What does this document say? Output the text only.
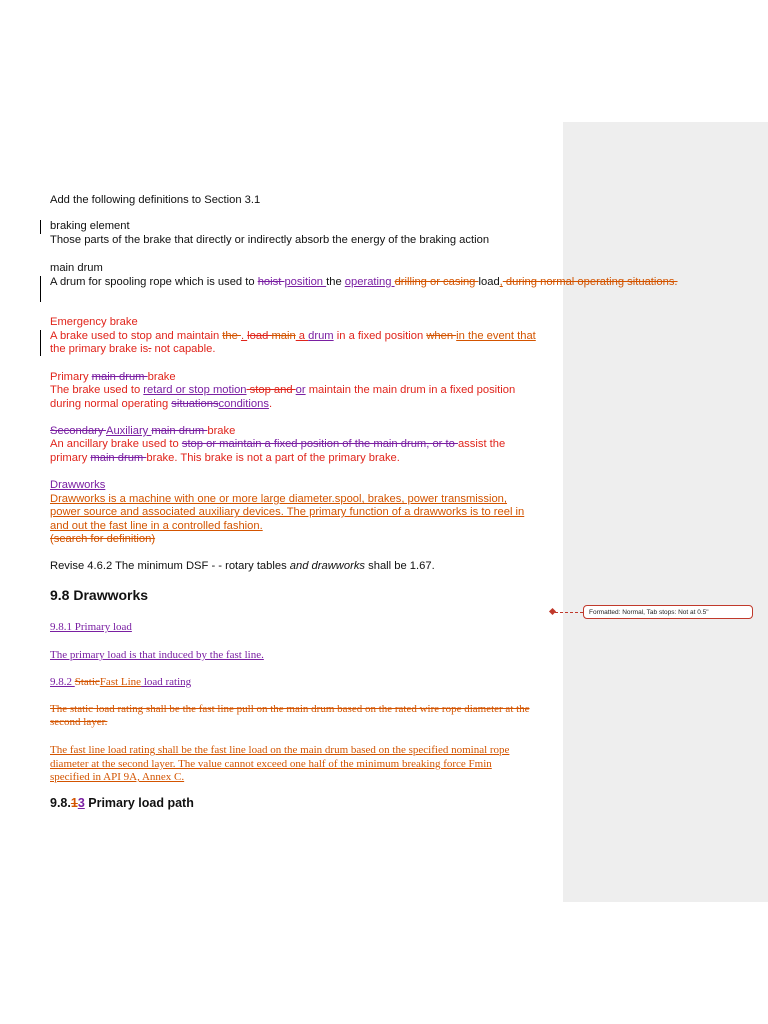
Add the following definitions to Section 3.1
braking element
Those parts of the brake that directly or indirectly absorb the energy of the braking action
main drum
A drum for spooling rope which is used to hoist position the operating drilling or casing load, during normal operating situations.
Emergency brake
A brake used to stop and maintain the . load main a drum in a fixed position when in the event that
the primary brake is. not capable.
Primary main drum brake
The brake used to retard or stop motion stop and or maintain the main drum in a fixed position
during normal operating situationsconditions.
Secondary Auxiliary main drum brake
An ancillary brake used to stop or maintain a fixed position of the main drum, or to assist the
primary main drum brake. This brake is not a part of the primary brake.
Drawworks
Drawworks is a machine with one or more large diameter.spool, brakes, power transmission,
power source and associated auxiliary devices. The primary function of a drawworks is to reel in
and out the fast line in a controlled fashion.
(search for definition)
Revise 4.6.2 The minimum DSF - - rotary tables and drawworks shall be 1.67.
9.8 Drawworks
Formatted: Normal, Tab stops: Not at 0.5"
9.8.1 Primary load
The primary load is that induced by the fast line.
9.8.2 StaticFast Line load rating
The static load rating shall be the fast line pull on the main drum based on the rated wire rope diameter at the
second layer.
The fast line load rating shall be the fast line load on the main drum based on the specified nominal rope
diameter at the second layer. The value cannot exceed one half of the minimum breaking force Fmin
specified in API 9A, Annex C.
9.8.13 Primary load path
